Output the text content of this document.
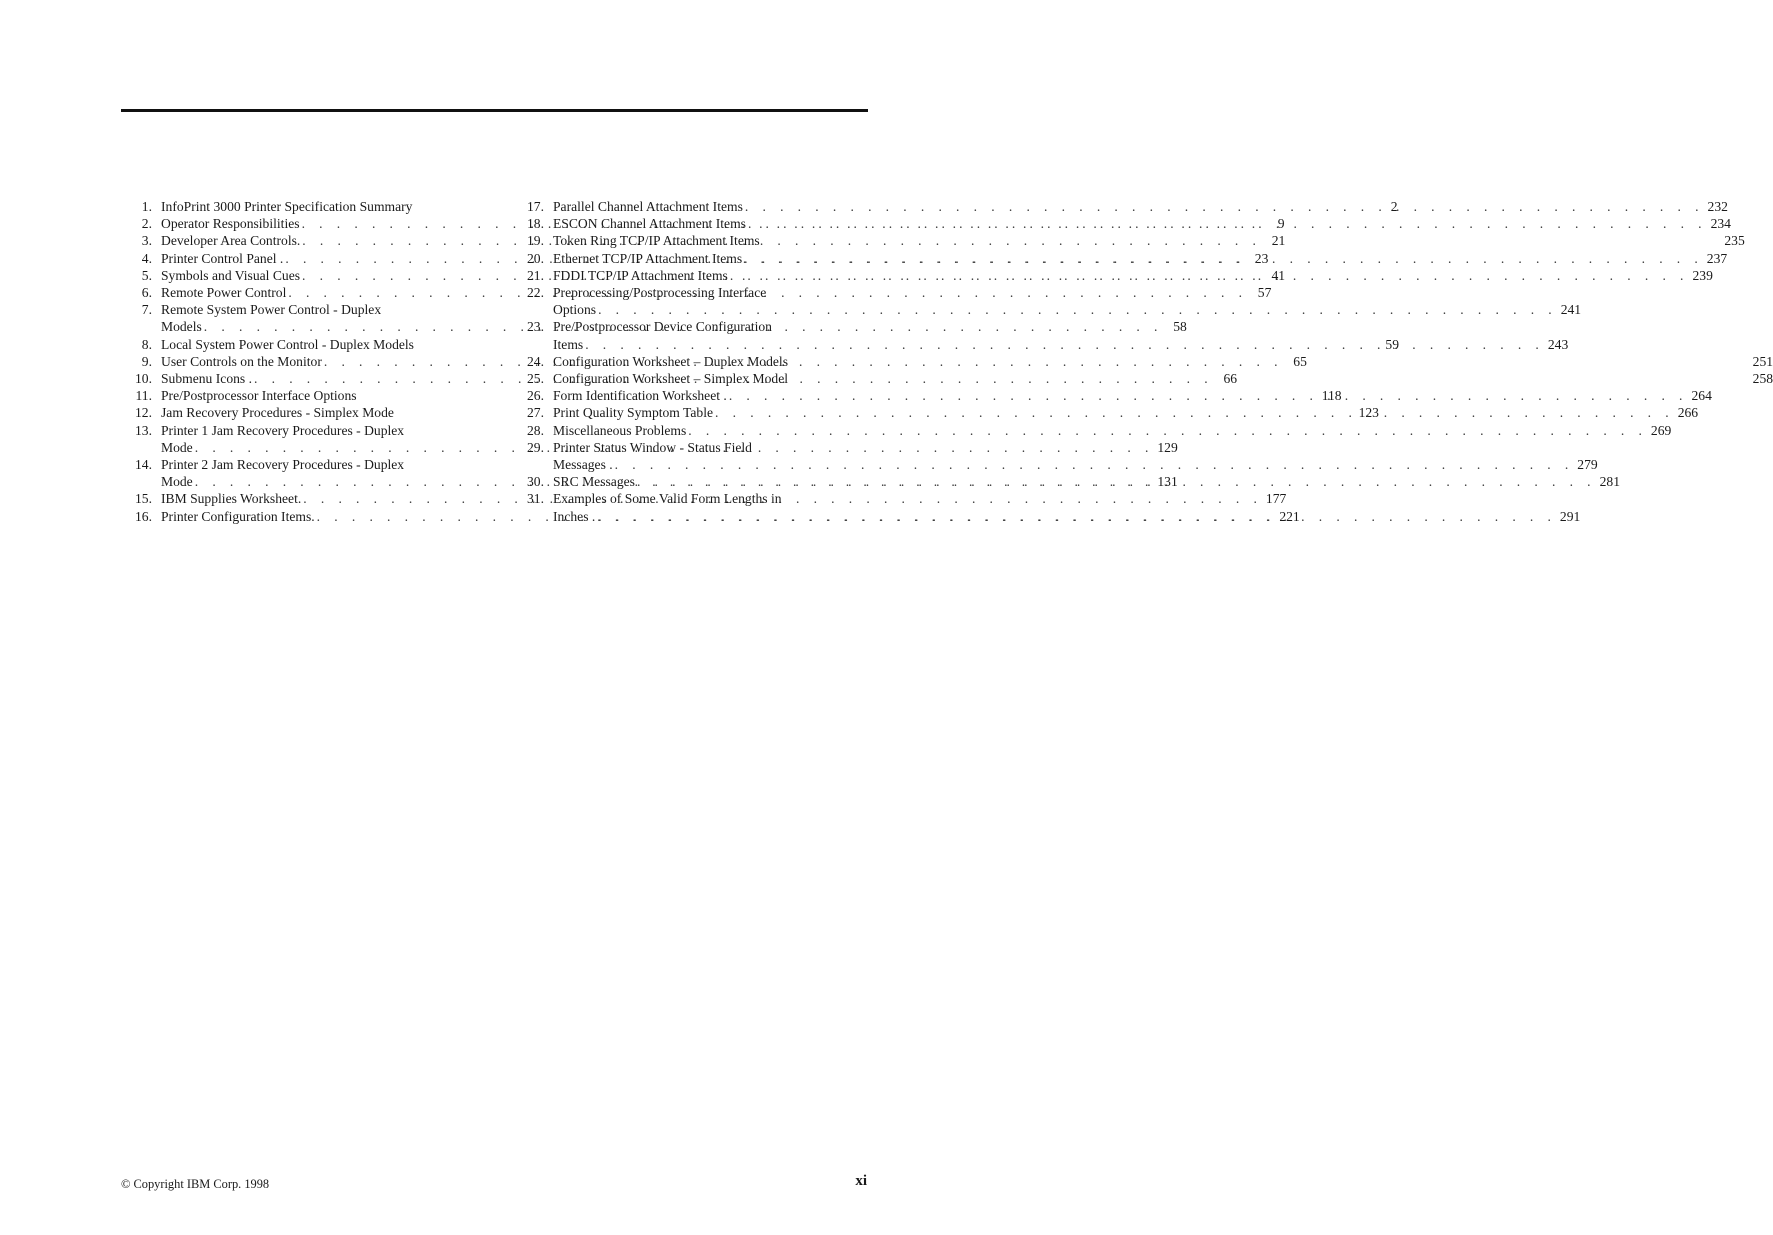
1. InfoPrint 3000 Printer Specification Summary	2
2. Operator Responsibilities . . .	9
3. Developer Area Controls. . . .	21
4. Printer Control Panel . . . .	23
5. Symbols and Visual Cues . . .	41
6. Remote Power Control . . .	57
7. Remote System Power Control - Duplex
Models . . .	58
8. Local System Power Control - Duplex Models	59
9. User Controls on the Monitor . . .	65
10. Submenu Icons . . . .	66
11. Pre/Postprocessor Interface Options	118
12. Jam Recovery Procedures - Simplex Mode	123
13. Printer 1 Jam Recovery Procedures - Duplex
Mode . . .	129
14. Printer 2 Jam Recovery Procedures - Duplex
Mode . . .	131
15. IBM Supplies Worksheet. . . .	177
16. Printer Configuration Items. . . .	221
17. Parallel Channel Attachment Items . . .	232
18. ESCON Channel Attachment Items . . .	234
19. Token Ring TCP/IP Attachment Items	235
20. Ethernet TCP/IP Attachment Items . . .	237
21. FDDI TCP/IP Attachment Items . . .	239
22. Preprocessing/Postprocessing Interface
Options . . .	241
23. Pre/Postprocessor Device Configuration
Items . . .	243
24. Configuration Worksheet – Duplex Models	251
25. Configuration Worksheet – Simplex Model	258
26. Form Identification Worksheet . . . .	264
27. Print Quality Symptom Table . . .	266
28. Miscellaneous Problems . . .	269
29. Printer Status Window - Status Field
Messages . . . .	279
30. SRC Messages . . .	281
31. Examples of Some Valid Form Lengths in
Inches . . . .	291
© Copyright IBM Corp. 1998	xi
